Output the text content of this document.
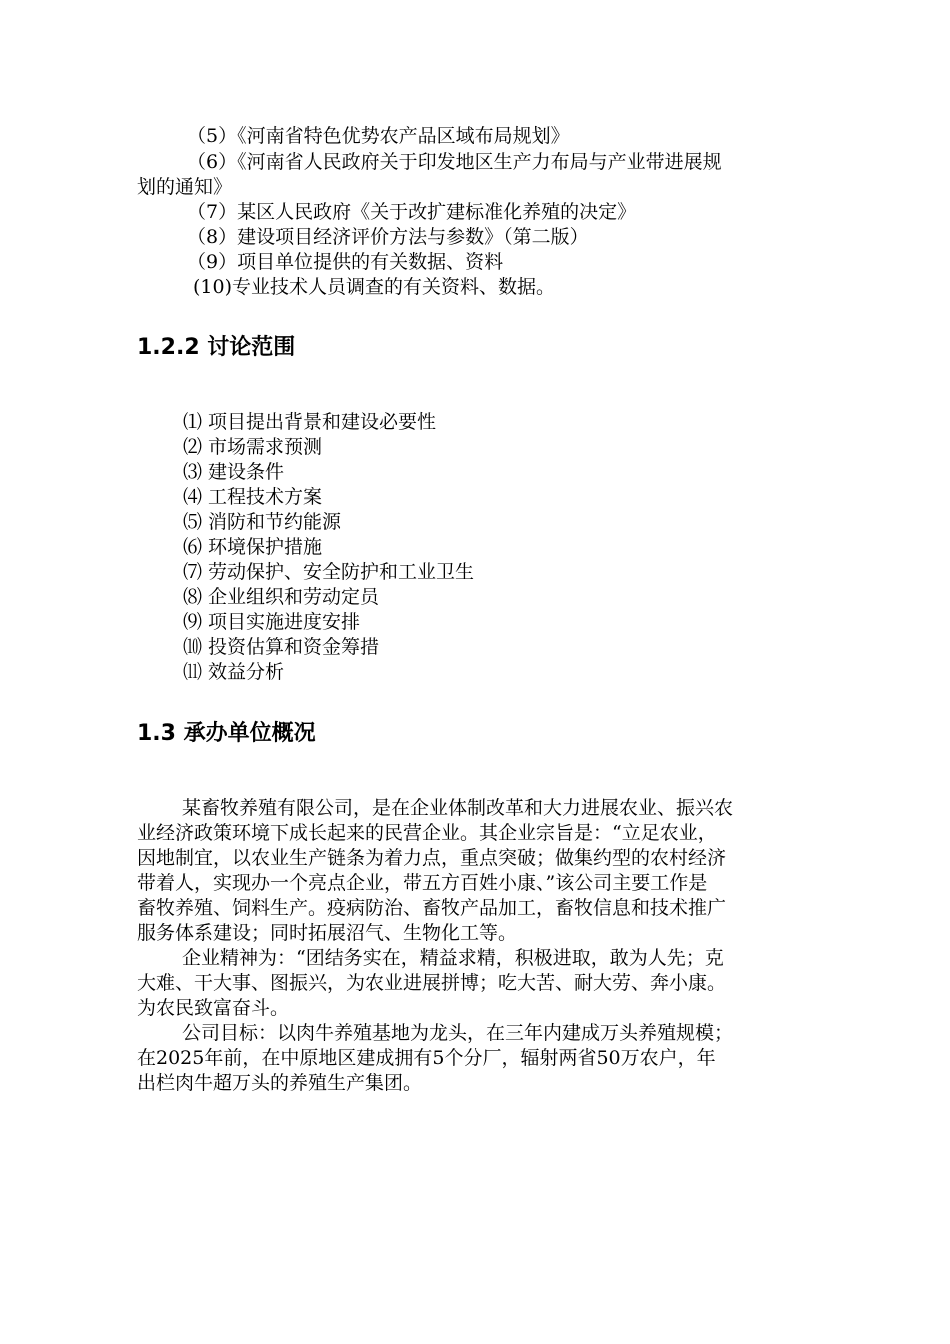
（5）《河南省特色优势农产品区域布局规划》
（6）《河南省人民政府关于印发地区生产力布局与产业带进展规
划的通知》
（7）某区人民政府《关于改扩建标准化养殖的决定》
（8）建设项目经济评价方法与参数》（第二版）
（9）项目单位提供的有关数据、资料
(10)专业技术人员调查的有关资料、数据。
1.2.2 讨论范围
⑴ 项目提出背景和建设必要性
⑵ 市场需求预测
⑶ 建设条件
⑷ 工程技术方案
⑸ 消防和节约能源
⑹ 环境保护措施
⑺ 劳动保护、安全防护和工业卫生
⑻ 企业组织和劳动定员
⑼ 项目实施进度安排
⑽ 投资估算和资金筹措
⑾ 效益分析
1.3 承办单位概况
某畜牧养殖有限公司，是在企业体制改革和大力进展农业、振兴农
业经济政策环境下成长起来的民营企业。其企业宗旨是：“立足农业，
因地制宜，以农业生产链条为着力点，重点突破；做集约型的农村经济
带着人，实现办一个亮点企业，带五方百姓小康、”该公司主要工作是
畜牧养殖、饲料生产。疫病防治、畜牧产品加工，畜牧信息和技术推广
服务体系建设；同时拓展沼气、生物化工等。
企业精神为：“团结务实在，精益求精，积极进取，敢为人先；克
大难、干大事、图振兴，为农业进展拼博；吃大苦、耐大劳、奔小康。
为农民致富奋斗。
公司目标：以肉牛养殖基地为龙头，在三年内建成万头养殖规模；
在2025年前，在中原地区建成拥有5个分厂，辐射两省50万农户，年
出栏肉牛超万头的养殖生产集团。
